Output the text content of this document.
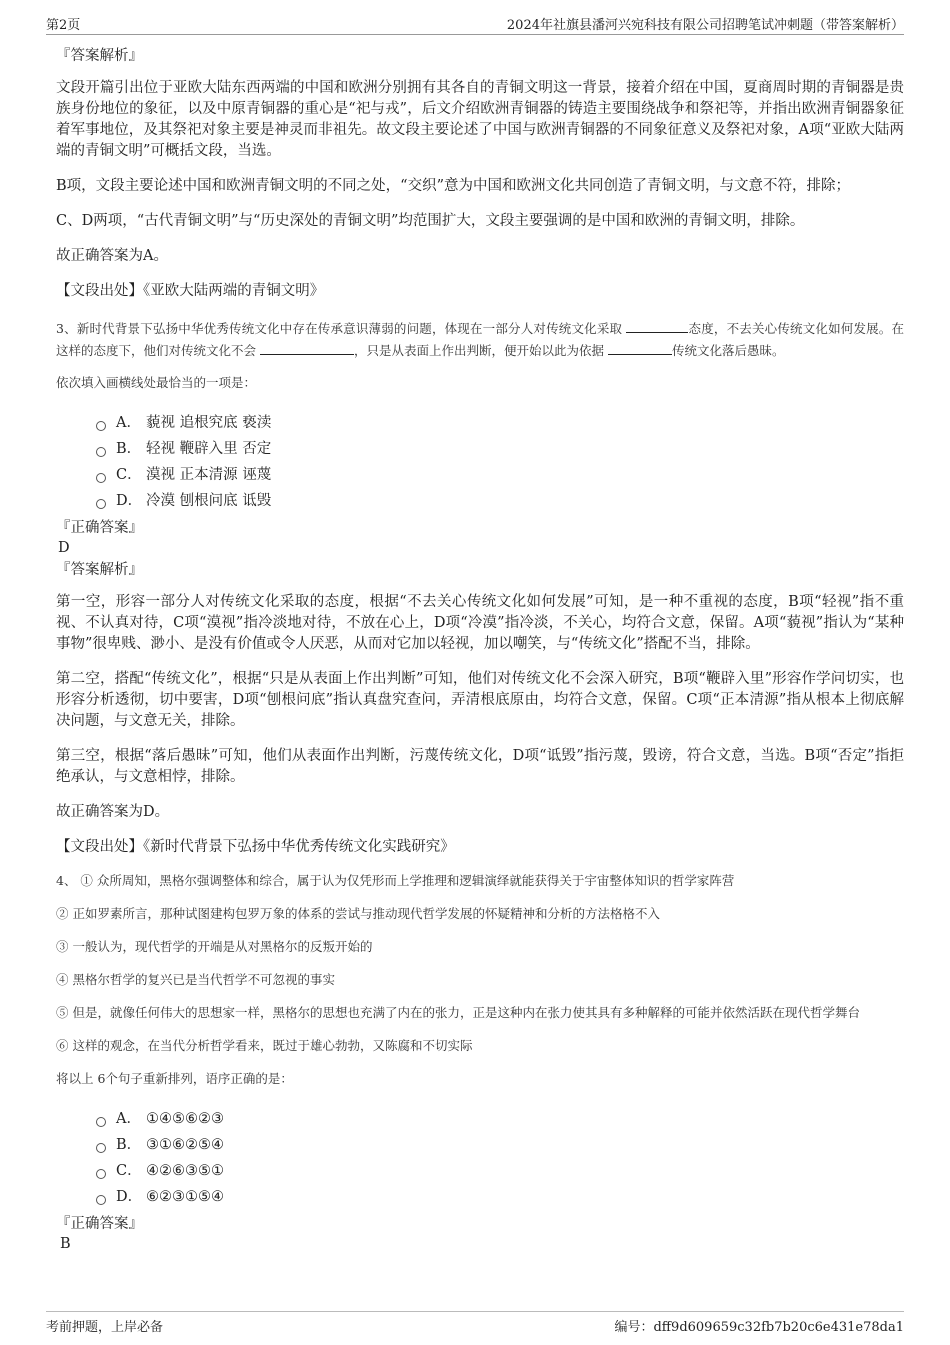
第2页	2024年社旗县潘河兴宛科技有限公司招聘笔试冲刺题（带答案解析）
『答案解析』

文段开篇引出位于亚欧大陆东西两端的中国和欧洲分别拥有其各自的青铜文明这一背景，接着介绍在中国，夏商周时期的青铜器是贵族身份地位的象征，以及中原青铜器的重心是“祀与戎”，后文介绍欧洲青铜器的铸造主要围绕战争和祭祀等，并指出欧洲青铜器象征着军事地位，及其祭祀对象主要是神灵而非祖先。故文段主要论述了中国与欧洲青铜器的不同象征意义及祭祀对象，A项“亚欧大陆两端的青铜文明”可概括文段，当选。

B项，文段主要论述中国和欧洲青铜文明的不同之处，“交织”意为中国和欧洲文化共同创造了青铜文明，与文意不符，排除；

C、D两项，“古代青铜文明”与“历史深处的青铜文明”均范围扩大，文段主要强调的是中国和欧洲的青铜文明，排除。

故正确答案为A。

【文段出处】《亚欧大陆两端的青铜文明》

3、新时代背景下弘扬中华优秀传统文化中存在传承意识薄弱的问题，体现在一部分人对传统文化采取	态度，不去关心传统文化如何发展。在这样的态度下，他们对传统文化不会	，只是从表面上作出判断，便开始以此为依据	传统文化落后愚昧。

依次填入画横线处最恰当的一项是：

A． 藐视 追根究底 亵渎
B． 轻视 鞭辟入里 否定
C． 漠视 正本清源 诬蔑
D． 冷漠 刨根问底 诋毁
『正确答案』
D
『答案解析』

第一空，形容一部分人对传统文化采取的态度，根据“不去关心传统文化如何发展”可知，是一种不重视的态度，B项“轻视”指不重视、不认真对待，C项“漠视”指冷淡地对待，不放在心上，D项“冷漠”指冷淡，不关心，均符合文意，保留。A项“藐视”指认为“某种事物”很卑贱、渺小、是没有价值或令人厌恶，从而对它加以轻视，加以嘲笑，与“传统文化”搭配不当，排除。

第二空，搭配“传统文化”，根据“只是从表面上作出判断”可知，他们对传统文化不会深入研究，B项“鞭辟入里”形容作学问切实，也形容分析透彻，切中要害，D项“刨根问底”指认真盘究查问，弄清根底原由，均符合文意，保留。C项“正本清源”指从根本上彻底解决问题，与文意无关，排除。

第三空，根据“落后愚昧”可知，他们从表面作出判断，污蔑传统文化，D项“诋毁”指污蔑，毁谤，符合文意，当选。B项“否定”指拒绝承认，与文意相悖，排除。

故正确答案为D。

【文段出处】《新时代背景下弘扬中华优秀传统文化实践研究》

4、 ① 众所周知，黑格尔强调整体和综合，属于认为仅凭形而上学推理和逻辑演绎就能获得关于宇宙整体知识的哲学家阵营

② 正如罗素所言，那种试图建构包罗万象的体系的尝试与推动现代哲学发展的怀疑精神和分析的方法格格不入

③ 一般认为，现代哲学的开端是从对黑格尔的反叛开始的

④ 黑格尔哲学的复兴已是当代哲学不可忽视的事实

⑤ 但是，就像任何伟大的思想家一样，黑格尔的思想也充满了内在的张力，正是这种内在张力使其具有多种解释的可能并依然活跃在现代哲学舞台

⑥ 这样的观念，在当代分析哲学看来，既过于雄心勃勃，又陈腐和不切实际

将以上 6个句子重新排列，语序正确的是：

A． ①④⑤⑥②③
B． ③①⑥②⑤④
C． ④②⑥③⑤①
D． ⑥②③①⑤④
『正确答案』
B
考前押题，上岸必备	编号：dff9d609659c32fb7b20c6e431e78da1
